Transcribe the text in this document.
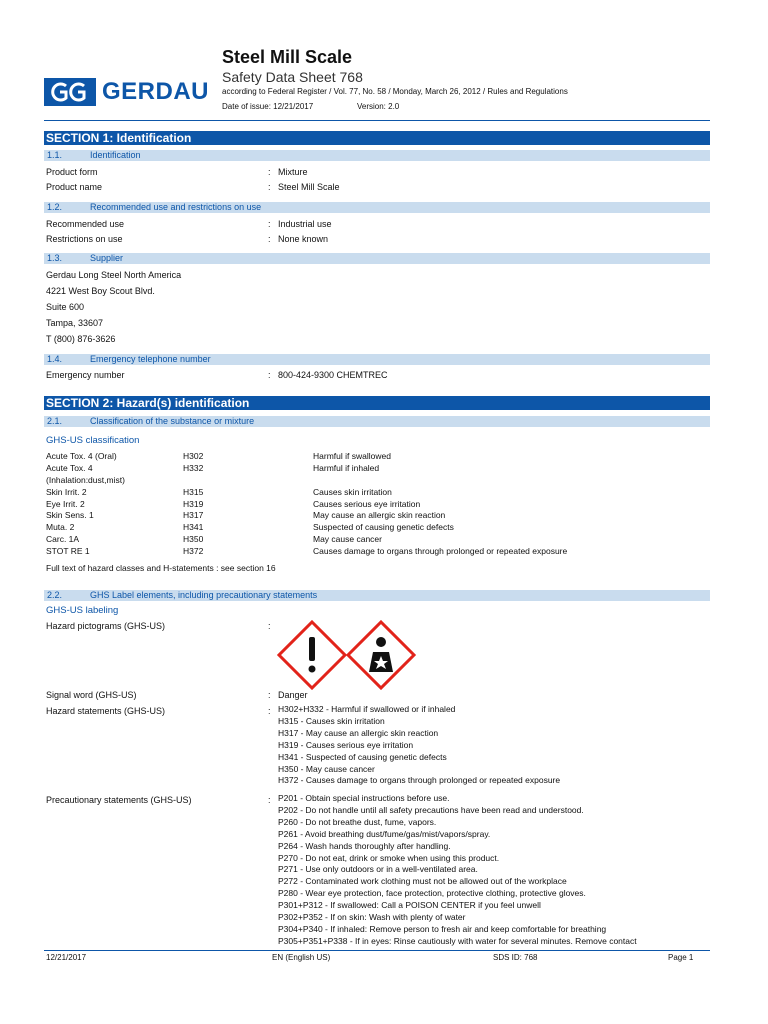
GERDAU
Steel Mill Scale
Safety Data Sheet 768
according to Federal Register / Vol. 77, No. 58 / Monday, March 26, 2012 / Rules and Regulations
Date of issue: 12/21/2017	Version: 2.0
SECTION 1: Identification
1.1.	Identification
Product form	: Mixture
Product name	: Steel Mill Scale
1.2.	Recommended use and restrictions on use
Recommended use	: Industrial use
Restrictions on use	: None known
1.3.	Supplier
Gerdau Long Steel North America
4221 West Boy Scout Blvd.
Suite 600
Tampa, 33607
T (800) 876-3626
1.4.	Emergency telephone number
Emergency number	: 800-424-9300 CHEMTREC
SECTION 2: Hazard(s) identification
2.1.	Classification of the substance or mixture
GHS-US classification
Acute Tox. 4 (Oral)	H302	Harmful if swallowed
Acute Tox. 4	H332	Harmful if inhaled
(Inhalation:dust,mist)
Skin Irrit. 2	H315	Causes skin irritation
Eye Irrit. 2	H319	Causes serious eye irritation
Skin Sens. 1	H317	May cause an allergic skin reaction
Muta. 2	H341	Suspected of causing genetic defects
Carc. 1A	H350	May cause cancer
STOT RE 1	H372	Causes damage to organs through prolonged or repeated exposure
Full text of hazard classes and H-statements : see section 16
2.2.	GHS Label elements, including precautionary statements
GHS-US labeling
Hazard pictograms (GHS-US)	:
Signal word (GHS-US)	: Danger
Hazard statements (GHS-US)	: H302+H332 - Harmful if swallowed or if inhaled
H315 - Causes skin irritation
H317 - May cause an allergic skin reaction
H319 - Causes serious eye irritation
H341 - Suspected of causing genetic defects
H350 - May cause cancer
H372 - Causes damage to organs through prolonged or repeated exposure
Precautionary statements (GHS-US)	: P201 - Obtain special instructions before use.
P202 - Do not handle until all safety precautions have been read and understood.
P260 - Do not breathe dust, fume, vapors.
P261 - Avoid breathing dust/fume/gas/mist/vapors/spray.
P264 - Wash hands thoroughly after handling.
P270 - Do not eat, drink or smoke when using this product.
P271 - Use only outdoors or in a well-ventilated area.
P272 - Contaminated work clothing must not be allowed out of the workplace
P280 - Wear eye protection, face protection, protective clothing, protective gloves.
P301+P312 - If swallowed: Call a POISON CENTER if you feel unwell
P302+P352 - If on skin: Wash with plenty of water
P304+P340 - If inhaled: Remove person to fresh air and keep comfortable for breathing
P305+P351+P338 - If in eyes: Rinse cautiously with water for several minutes. Remove contact
12/21/2017	EN (English US)	SDS ID: 768	Page 1
